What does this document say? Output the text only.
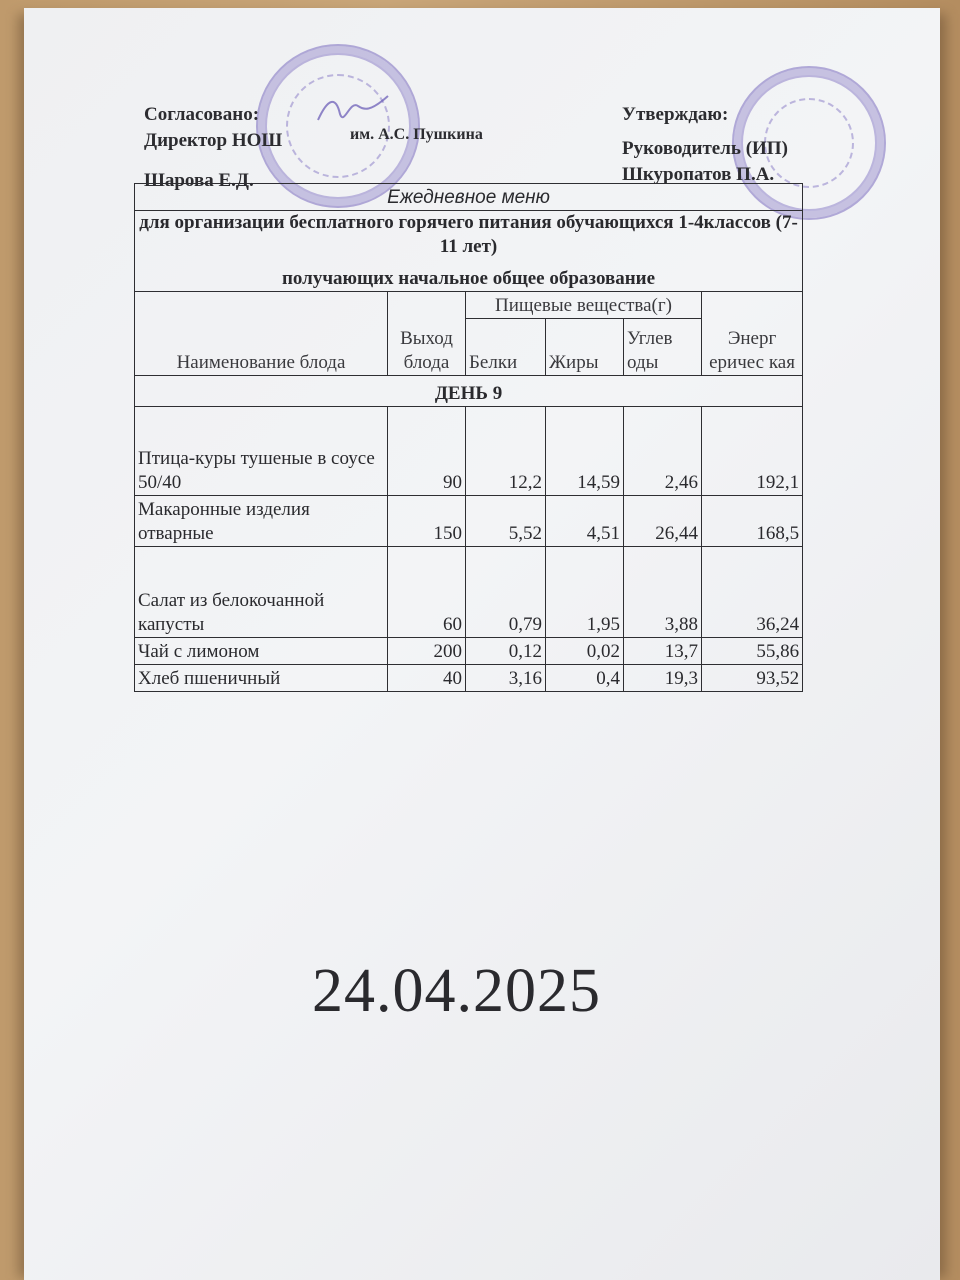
Согласовано:
Директор НОШ	им. А.С. Пушкина
Шарова Е.Д.
Утверждаю:
Руководитель (ИП)
Шкуропатов П.А.
Ежедневное меню					

для организации бесплатного горячего питания обучающихся 1-4классов (7-11 лет)
получающих начальное общее образование					

Наименование блода	Выход блода	Пищевые вещества(г)			Энерг еричес кая
		Белки	Жиры	Углев оды	
ДЕНЬ 9					
Птица-куры тушеные в соусе 50/40	90	12,2	14,59	2,46	192,1
Макаронные изделия отварные	150	5,52	4,51	26,44	168,5
Салат из белокочанной капусты	60	0,79	1,95	3,88	36,24
Чай с лимоном	200	0,12	0,02	13,7	55,86
Хлеб пшеничный	40	3,16	0,4	19,3	93,52
24.04.2025
